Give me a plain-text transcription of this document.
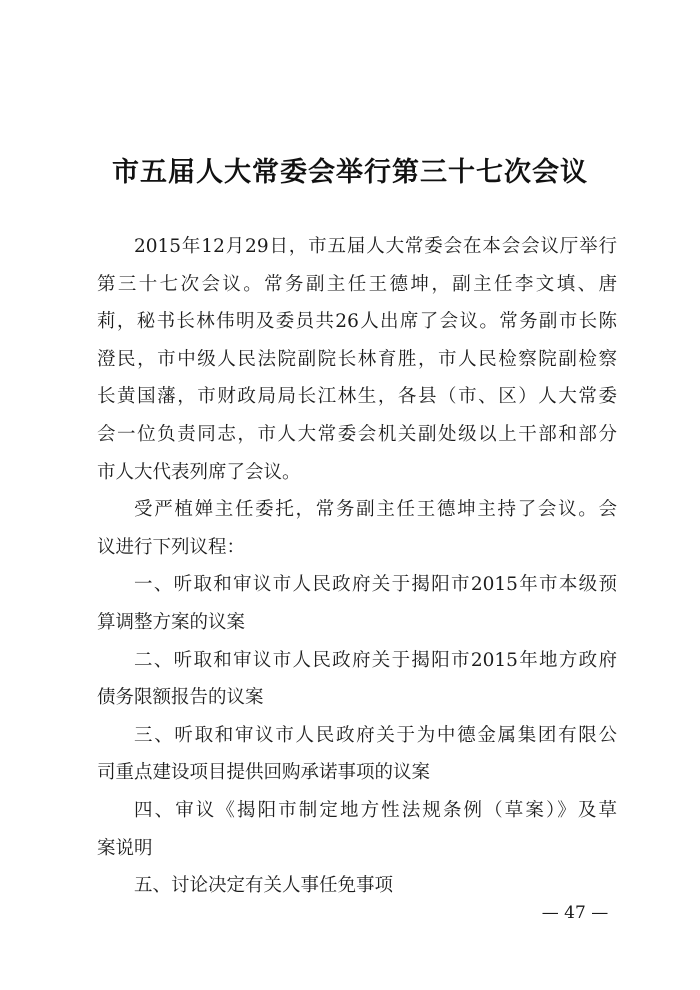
市五届人大常委会举行第三十七次会议
2015年12月29日，市五届人大常委会在本会会议厅举行
第三十七次会议。常务副主任王德坤，副主任李文填、唐
莉，秘书长林伟明及委员共26人出席了会议。常务副市长陈
澄民，市中级人民法院副院长林育胜，市人民检察院副检察
长黄国藩，市财政局局长江林生，各县（市、区）人大常委
会一位负责同志，市人大常委会机关副处级以上干部和部分
市人大代表列席了会议。
受严植婵主任委托，常务副主任王德坤主持了会议。会
议进行下列议程：
一、听取和审议市人民政府关于揭阳市2015年市本级预
算调整方案的议案
二、听取和审议市人民政府关于揭阳市2015年地方政府
债务限额报告的议案
三、听取和审议市人民政府关于为中德金属集团有限公
司重点建设项目提供回购承诺事项的议案
四、审议《揭阳市制定地方性法规条例（草案）》及草
案说明
五、讨论决定有关人事任免事项
— 47 —
